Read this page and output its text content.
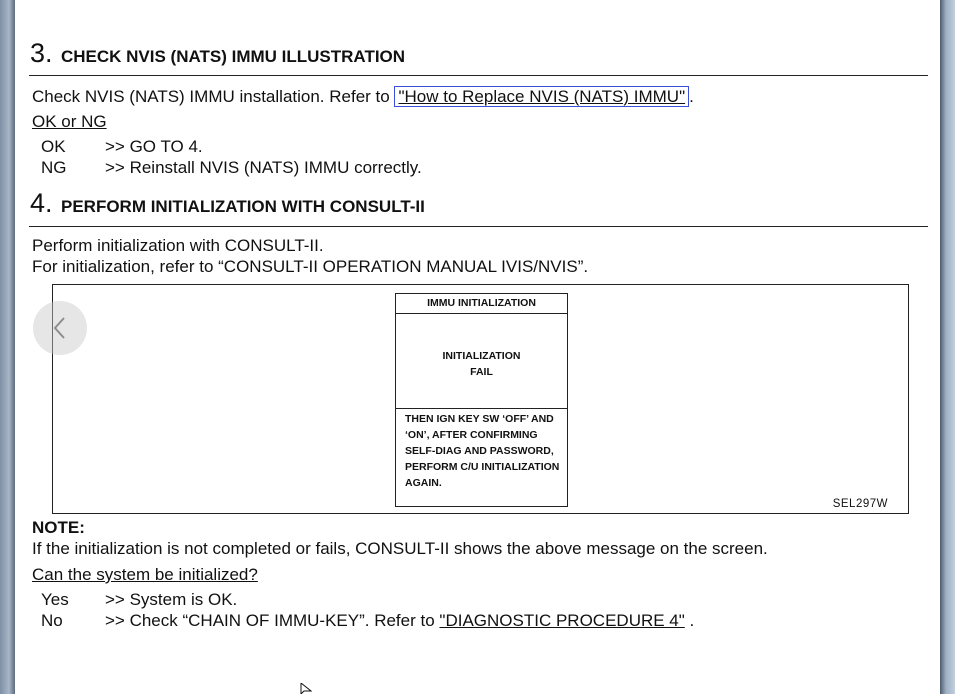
3. CHECK NVIS (NATS) IMMU ILLUSTRATION
Check NVIS (NATS) IMMU installation. Refer to "How to Replace NVIS (NATS) IMMU" .
OK or NG
OK >> GO TO 4.
NG >> Reinstall NVIS (NATS) IMMU correctly.
4. PERFORM INITIALIZATION WITH CONSULT-II
Perform initialization with CONSULT-II.
For initialization, refer to “CONSULT-II OPERATION MANUAL IVIS/NVIS”.
IMMU INITIALIZATION
INITIALIZATION
FAIL
THEN IGN KEY SW ‘OFF’ AND
‘ON’, AFTER CONFIRMING
SELF-DIAG AND PASSWORD,
PERFORM C/U INITIALIZATION
AGAIN.
SEL297W
NOTE:
If the initialization is not completed or fails, CONSULT-II shows the above message on the screen.
Can the system be initialized?
Yes >> System is OK.
No >> Check “CHAIN OF IMMU-KEY”. Refer to "DIAGNOSTIC PROCEDURE 4" .
